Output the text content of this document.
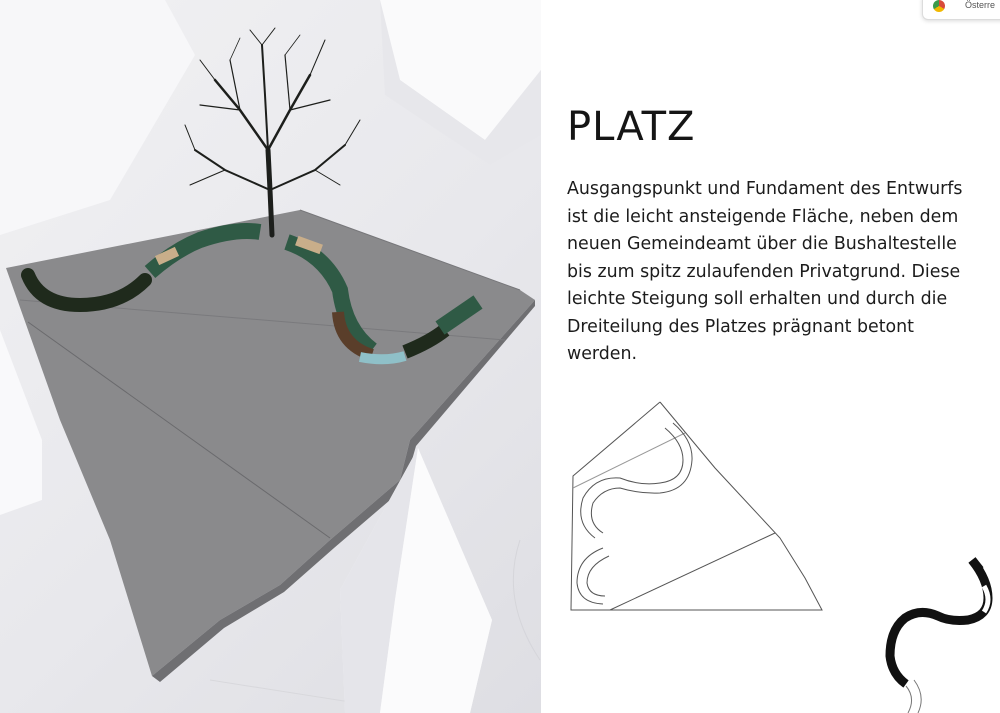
PLATZ

Ausgangspunkt und Fundament des Entwurfs ist die leicht ansteigende Fläche, neben dem neuen Gemeindeamt über die Bushaltestelle bis zum spitz zulaufenden Privatgrund. Diese leichte Steigung soll erhalten und durch die Dreiteilung des Platzes prägnant betont werden.

Österre
